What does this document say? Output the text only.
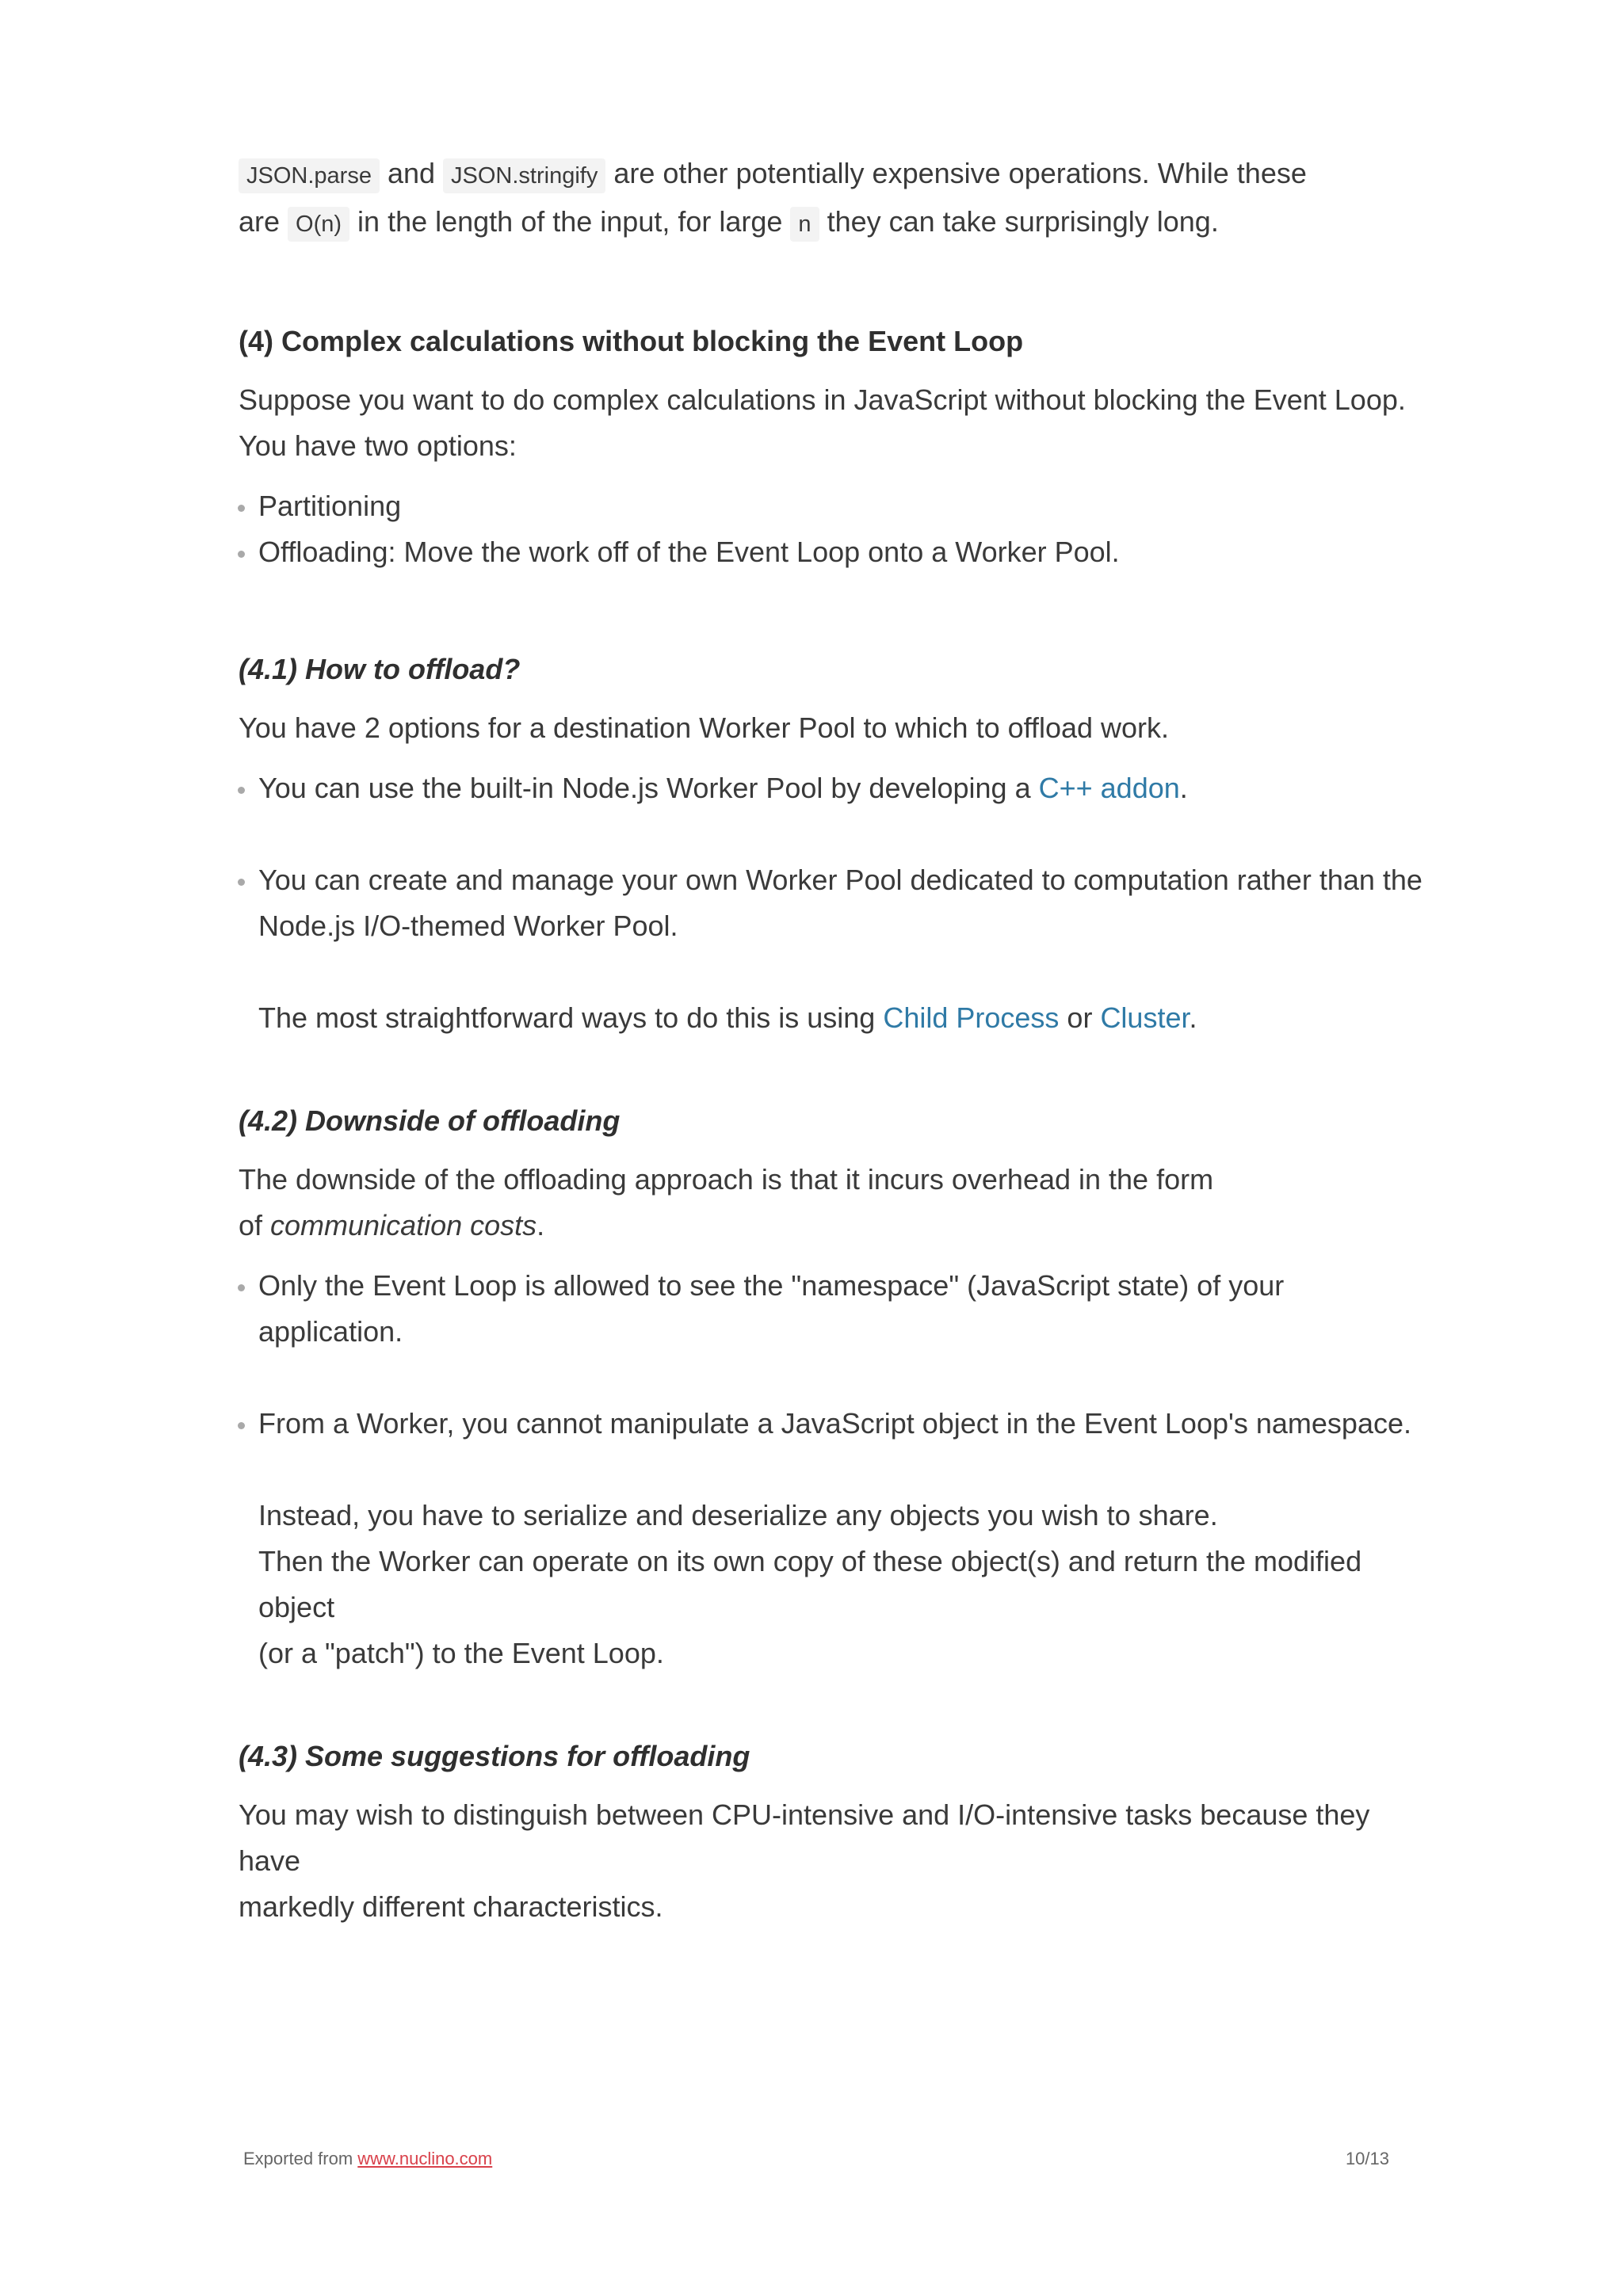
JSON.parse and JSON.stringify are other potentially expensive operations. While these
are O(n) in the length of the input, for large n they can take surprisingly long.

(4) Complex calculations without blocking the Event Loop

Suppose you want to do complex calculations in JavaScript without blocking the Event Loop.
You have two options:

Partitioning
Offloading: Move the work off of the Event Loop onto a Worker Pool.
(4.1) How to offload?

You have 2 options for a destination Worker Pool to which to offload work.

You can use the built-in Node.js Worker Pool by developing a C++ addon.
You can create and manage your own Worker Pool dedicated to computation rather than the
Node.js I/O-themed Worker Pool.

The most straightforward ways to do this is using Child Process or Cluster.

(4.2) Downside of offloading

The downside of the offloading approach is that it incurs overhead in the form
of communication costs.

Only the Event Loop is allowed to see the "namespace" (JavaScript state) of your application.
From a Worker, you cannot manipulate a JavaScript object in the Event Loop's namespace.

Instead, you have to serialize and deserialize any objects you wish to share.
Then the Worker can operate on its own copy of these object(s) and return the modified object
(or a "patch") to the Event Loop.

(4.3) Some suggestions for offloading

You may wish to distinguish between CPU-intensive and I/O-intensive tasks because they have
markedly different characteristics.

Exported from www.nuclino.com	10/13
